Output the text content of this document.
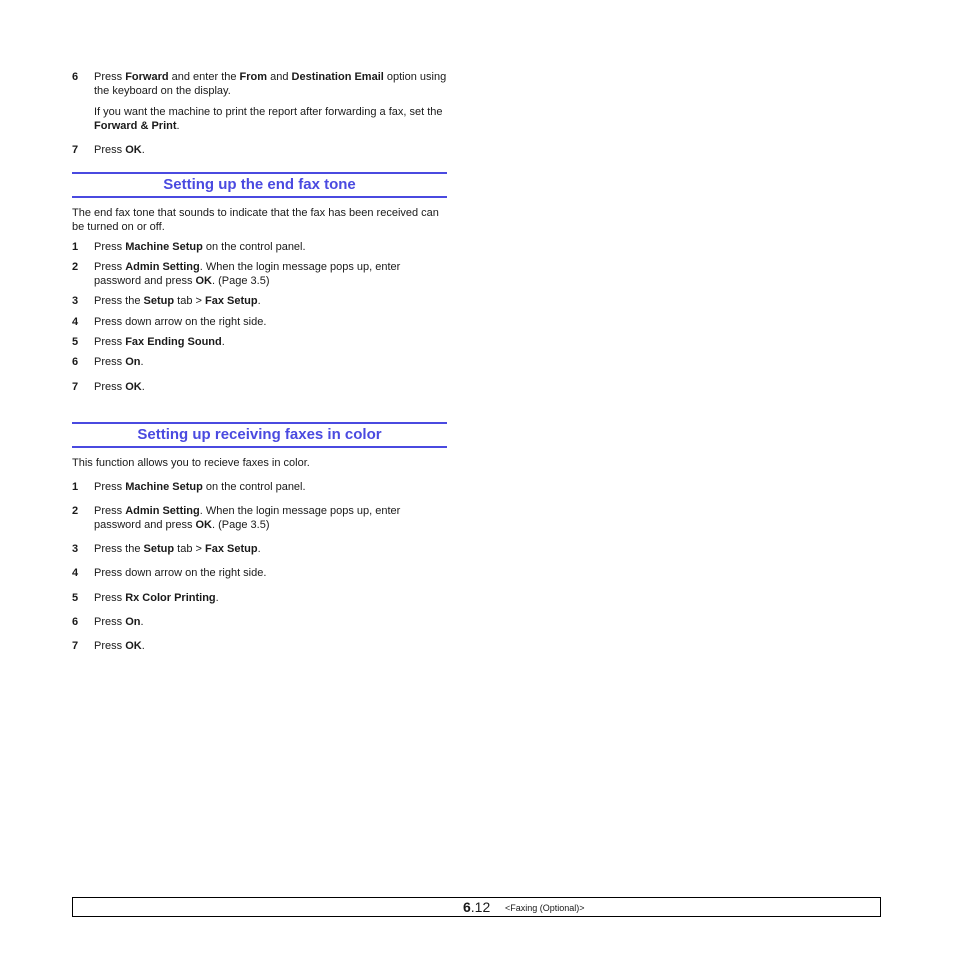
6	Press Forward and enter the From and Destination Email option using the keyboard on the display.
If you want the machine to print the report after forwarding a fax, set the Forward & Print.
7	Press OK.
Setting up the end fax tone
The end fax tone that sounds to indicate that the fax has been received can be turned on or off.
1	Press Machine Setup on the control panel.
2	Press Admin Setting. When the login message pops up, enter password and press OK. (Page 3.5)
3	Press the Setup tab > Fax Setup.
4	Press down arrow on the right side.
5	Press Fax Ending Sound.
6	Press On.
7	Press OK.
Setting up receiving faxes in color
This function allows you to recieve faxes in color.
1	Press Machine Setup on the control panel.
2	Press Admin Setting. When the login message pops up, enter password and press OK. (Page 3.5)
3	Press the Setup tab > Fax Setup.
4	Press down arrow on the right side.
5	Press Rx Color Printing.
6	Press On.
7	Press OK.
6.12 <Faxing (Optional)>
